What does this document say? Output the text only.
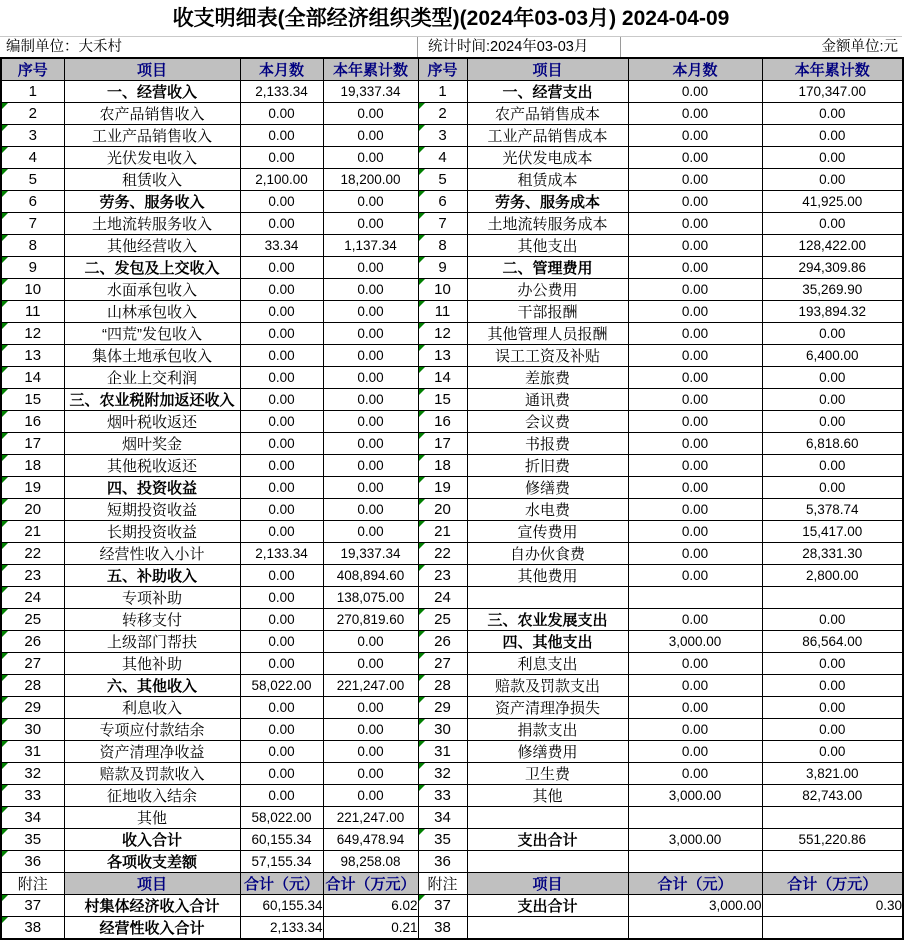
收支明细表(全部经济组织类型)(2024年03-03月) 2024-04-09
编制单位：大禾村	统计时间:2024年03-03月	金额单位:元
序号	项目	本月数	本年累计数	序号	项目	本月数	本年累计数
1	一、经营收入	2,133.34	19,337.34	1	一、经营支出	0.00	170,347.00

2	农产品销售收入	0.00	0.00	2	农产品销售成本	0.00	0.00

3	工业产品销售收入	0.00	0.00	3	工业产品销售成本	0.00	0.00

4	光伏发电收入	0.00	0.00	4	光伏发电成本	0.00	0.00

5	租赁收入	2,100.00	18,200.00	5	租赁成本	0.00	0.00

6	劳务、服务收入	0.00	0.00	6	劳务、服务成本	0.00	41,925.00

7	土地流转服务收入	0.00	0.00	7	土地流转服务成本	0.00	0.00

8	其他经营收入	33.34	1,137.34	8	其他支出	0.00	128,422.00

9	二、发包及上交收入	0.00	0.00	9	二、管理费用	0.00	294,309.86

10	水面承包收入	0.00	0.00	10	办公费用	0.00	35,269.90

11	山林承包收入	0.00	0.00	11	干部报酬	0.00	193,894.32

12	“四荒”发包收入	0.00	0.00	12	其他管理人员报酬	0.00	0.00

13	集体土地承包收入	0.00	0.00	13	误工工资及补贴	0.00	6,400.00

14	企业上交利润	0.00	0.00	14	差旅费	0.00	0.00

15	三、农业税附加返还收入	0.00	0.00	15	通讯费	0.00	0.00

16	烟叶税收返还	0.00	0.00	16	会议费	0.00	0.00

17	烟叶奖金	0.00	0.00	17	书报费	0.00	6,818.60

18	其他税收返还	0.00	0.00	18	折旧费	0.00	0.00

19	四、投资收益	0.00	0.00	19	修缮费	0.00	0.00

20	短期投资收益	0.00	0.00	20	水电费	0.00	5,378.74

21	长期投资收益	0.00	0.00	21	宣传费用	0.00	15,417.00

22	经营性收入小计	2,133.34	19,337.34	22	自办伙食费	0.00	28,331.30

23	五、补助收入	0.00	408,894.60	23	其他费用	0.00	2,800.00

24	专项补助	0.00	138,075.00	24			

25	转移支付	0.00	270,819.60	25	三、农业发展支出	0.00	0.00

26	上级部门帮扶	0.00	0.00	26	四、其他支出	3,000.00	86,564.00

27	其他补助	0.00	0.00	27	利息支出	0.00	0.00

28	六、其他收入	58,022.00	221,247.00	28	赔款及罚款支出	0.00	0.00

29	利息收入	0.00	0.00	29	资产清理净损失	0.00	0.00

30	专项应付款结余	0.00	0.00	30	捐款支出	0.00	0.00

31	资产清理净收益	0.00	0.00	31	修缮费用	0.00	0.00

32	赔款及罚款收入	0.00	0.00	32	卫生费	0.00	3,821.00

33	征地收入结余	0.00	0.00	33	其他	3,000.00	82,743.00

34	其他	58,022.00	221,247.00	34			

35	收入合计	60,155.34	649,478.94	35	支出合计	3,000.00	551,220.86

36	各项收支差额	57,155.34	98,258.08	36			
附注	项目	合计（元）	合计（万元）	附注	项目	合计（元）	合计（万元）

37	村集体经济收入合计	60,155.34	6.02	37	支出合计	3,000.00	0.30

38	经营性收入合计	2,133.34	0.21	38			
